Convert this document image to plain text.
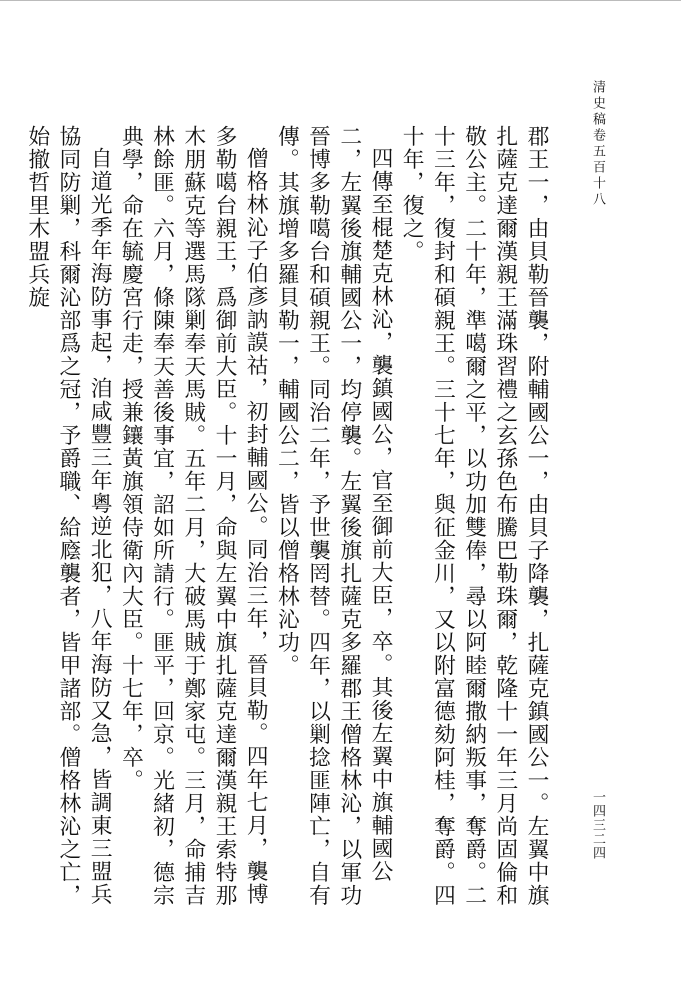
清史稿卷五百十八
一四三二四

郡王一，由貝勒晉襲，附輔國公一，由貝子降襲，扎薩克鎮國公一。左翼中旗扎薩克達爾漢親王滿珠習禮之玄孫色布騰巴勒珠爾，乾隆十一年三月尚固倫和敬公主。二十年，準噶爾之平，以功加雙俸，尋以阿睦爾撒納叛事，奪爵。二十三年，復封和碩親王。三十七年，與征金川，又以附富德劾阿桂，奪爵。四十年，復之。

四傳至棍楚克林沁，襲鎮國公，官至御前大臣，卒。其後左翼中旗輔國公二，左翼後旗輔國公一，均停襲。左翼後旗扎薩克多羅郡王僧格林沁，以軍功晉博多勒噶台和碩親王。同治二年，予世襲罔替。四年，以剿捻匪陣亡，自有傳。其旗增多羅貝勒一，輔國公二，皆以僧格林沁功。

僧格林沁子伯彥訥謨祜，初封輔國公。同治三年，晉貝勒。四年七月，襲博多勒噶台親王，爲御前大臣。十一月，命與左翼中旗扎薩克達爾漢親王索特那木朋蘇克等選馬隊剿奉天馬賊。五年二月，大破馬賊于鄭家屯。三月，命捕吉林餘匪。六月，條陳奉天善後事宜，詔如所請行。匪平，回京。光緒初，德宗典學，命在毓慶宮行走，授兼鑲黃旗領侍衛內大臣。十七年，卒。

自道光季年海防事起，洎咸豐三年粵逆北犯，八年海防又急，皆調東三盟兵協同防剿，科爾沁部爲之冠，予爵職、給廕襲者，皆甲諸部。僧格林沁之亡，始撤哲里木盟兵旋
